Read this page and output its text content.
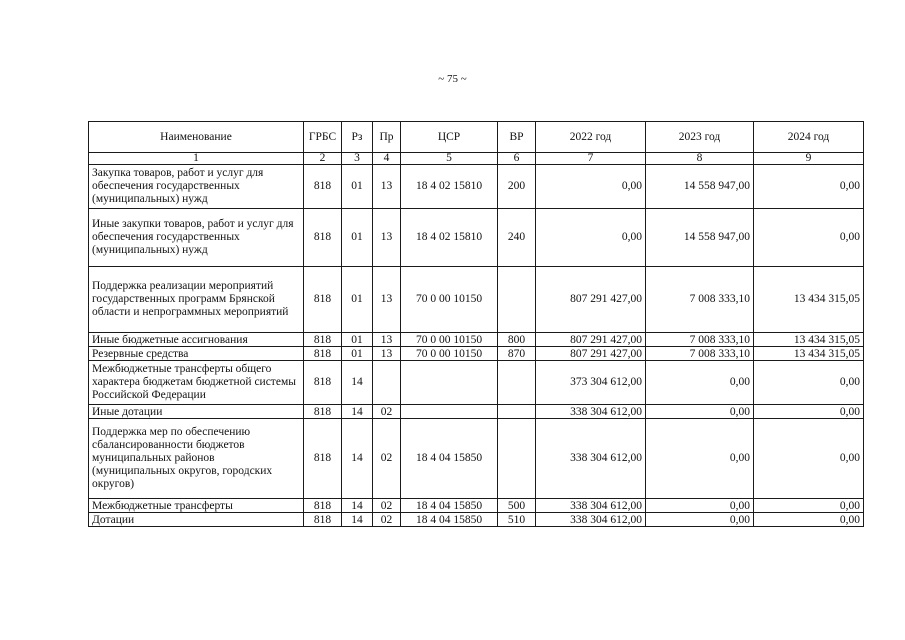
~ 75 ~
Наименование	ГРБС	Рз	Пр	ЦСР	ВР	2022 год	2023 год	2024 год
1	2	3	4	5	6	7	8	9
Закупка товаров, работ и услуг для обеспечения государственных (муниципальных) нужд	818	01	13	18 4 02 15810	200	0,00	14 558 947,00	0,00
Иные закупки товаров, работ и услуг для обеспечения государственных (муниципальных) нужд	818	01	13	18 4 02 15810	240	0,00	14 558 947,00	0,00
Поддержка реализации мероприятий государственных программ Брянской области и непрограммных мероприятий	818	01	13	70 0 00 10150		807 291 427,00	7 008 333,10	13 434 315,05
Иные бюджетные ассигнования	818	01	13	70 0 00 10150	800	807 291 427,00	7 008 333,10	13 434 315,05
Резервные средства	818	01	13	70 0 00 10150	870	807 291 427,00	7 008 333,10	13 434 315,05
Межбюджетные трансферты общего характера бюджетам бюджетной системы Российской Федерации	818	14				373 304 612,00	0,00	0,00
Иные дотации	818	14	02			338 304 612,00	0,00	0,00
Поддержка мер по обеспечению сбалансированности бюджетов муниципальных районов (муниципальных округов, городских округов)	818	14	02	18 4 04 15850		338 304 612,00	0,00	0,00
Межбюджетные трансферты	818	14	02	18 4 04 15850	500	338 304 612,00	0,00	0,00
Дотации	818	14	02	18 4 04 15850	510	338 304 612,00	0,00	0,00
